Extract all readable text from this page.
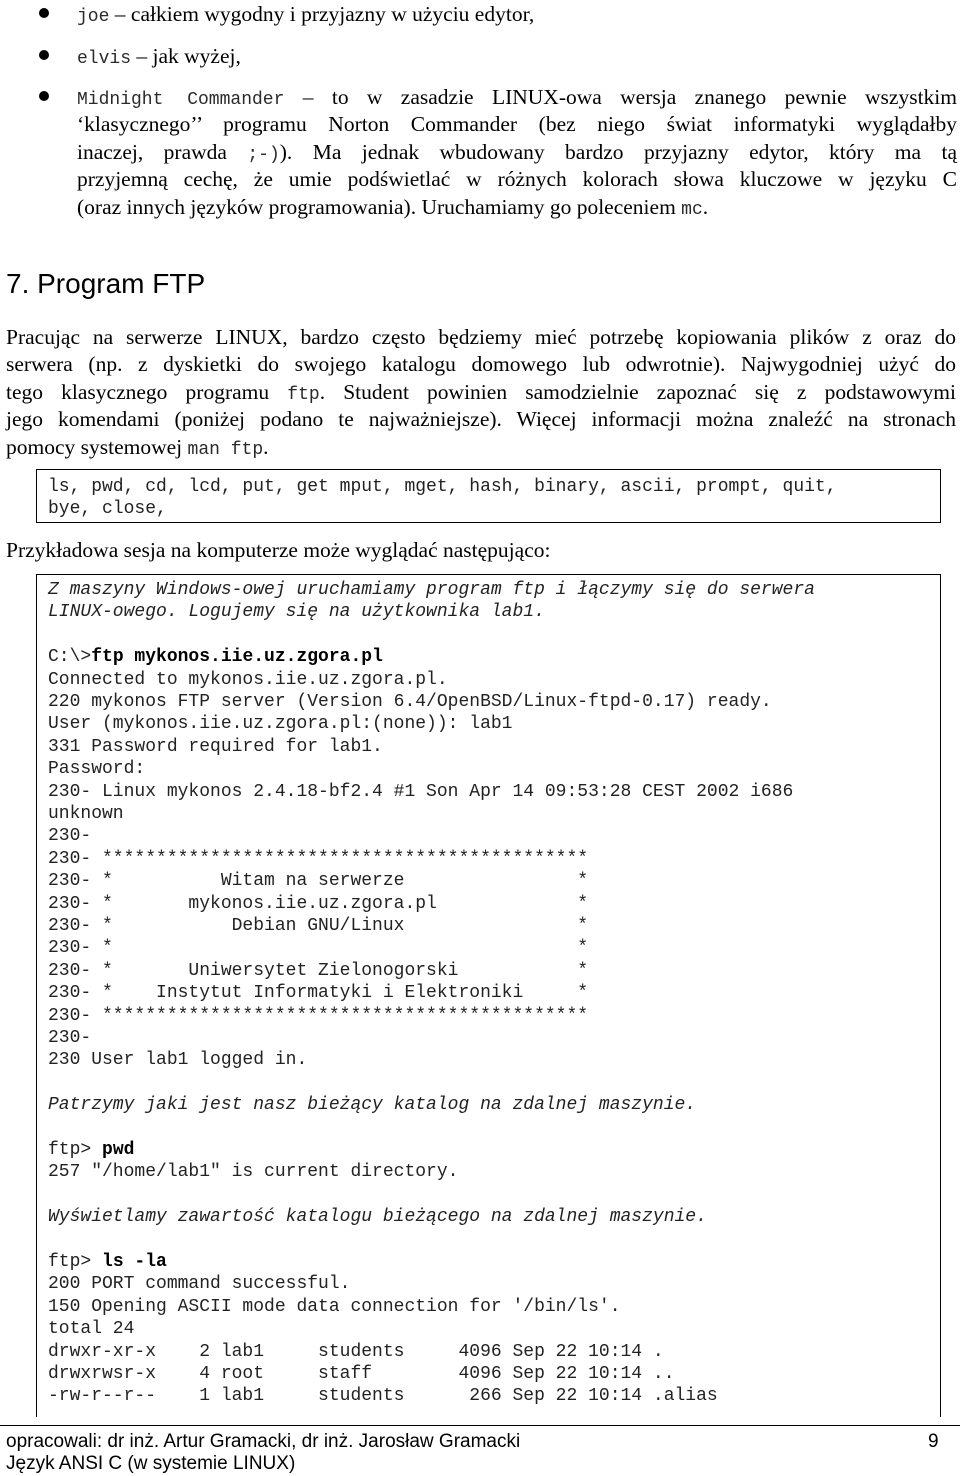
joe – całkiem wygodny i przyjazny w użyciu edytor,
elvis – jak wyżej,
Midnight Commander – to w zasadzie LINUX-owa wersja znanego pewnie wszystkim
‘klasycznego’’ programu Norton Commander (bez niego świat informatyki wyglądałby
inaczej, prawda ;-)). Ma jednak wbudowany bardzo przyjazny edytor, który ma tą
przyjemną cechę, że umie podświetlać w różnych kolorach słowa kluczowe w języku C
(oraz innych języków programowania). Uruchamiamy go poleceniem mc.
7. Program FTP
Pracując na serwerze LINUX, bardzo często będziemy mieć potrzebę kopiowania plików z oraz do
serwera (np. z dyskietki do swojego katalogu domowego lub odwrotnie). Najwygodniej użyć do
tego klasycznego programu ftp. Student powinien samodzielnie zapoznać się z podstawowymi
jego komendami (poniżej podano te najważniejsze). Więcej informacji można znaleźć na stronach
pomocy systemowej man ftp.
ls, pwd, cd, lcd, put, get mput, mget, hash, binary, ascii, prompt, quit,
bye, close,
Przykładowa sesja na komputerze może wyglądać następująco:
Z maszyny Windows-owej uruchamiamy program ftp i łączymy się do serwera
LINUX-owego. Logujemy się na użytkownika lab1.
C:\>ftp mykonos.iie.uz.zgora.pl
Connected to mykonos.iie.uz.zgora.pl.
220 mykonos FTP server (Version 6.4/OpenBSD/Linux-ftpd-0.17) ready.
User (mykonos.iie.uz.zgora.pl:(none)): lab1
331 Password required for lab1.
Password:
230- Linux mykonos 2.4.18-bf2.4 #1 Son Apr 14 09:53:28 CEST 2002 i686
unknown
230-
230- *********************************************
230- *          Witam na serwerze                *
230- *       mykonos.iie.uz.zgora.pl             *
230- *           Debian GNU/Linux                *
230- *                                           *
230- *       Uniwersytet Zielonogorski           *
230- *    Instytut Informatyki i Elektroniki     *
230- *********************************************
230-
230 User lab1 logged in.
Patrzymy jaki jest nasz bieżący katalog na zdalnej maszynie.
ftp> pwd
257 "/home/lab1" is current directory.
Wyświetlamy zawartość katalogu bieżącego na zdalnej maszynie.
ftp> ls -la
200 PORT command successful.
150 Opening ASCII mode data connection for '/bin/ls'.
total 24
drwxr-xr-x    2 lab1     students     4096 Sep 22 10:14 .
drwxrwsr-x    4 root     staff        4096 Sep 22 10:14 ..
-rw-r--r--    1 lab1     students      266 Sep 22 10:14 .alias
opracowali: dr inż. Artur Gramacki, dr inż. Jarosław Gramacki	9
Język ANSI C (w systemie LINUX)
